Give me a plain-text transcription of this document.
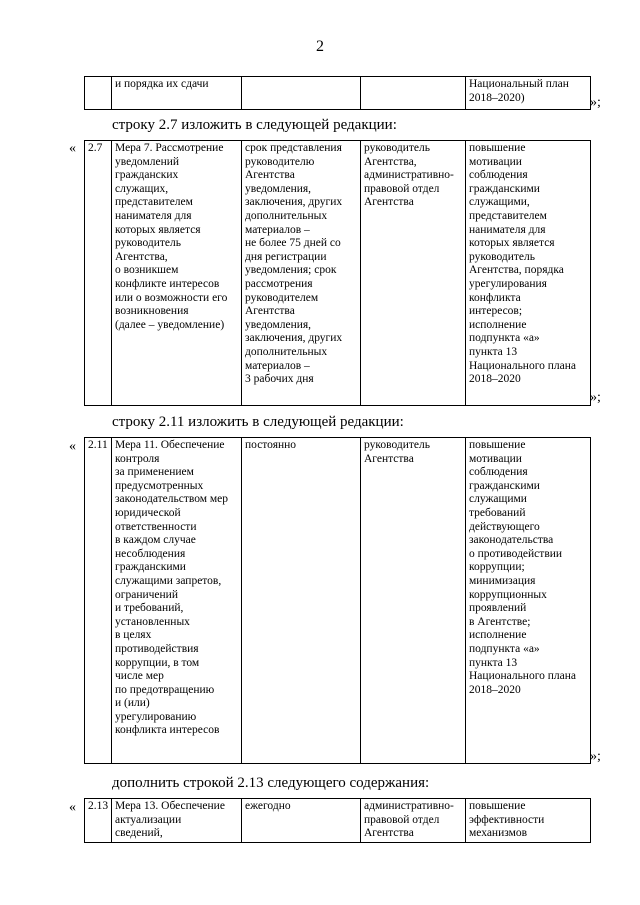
2
	и порядка их сдачи			Национальный план
2018–2020)	»;
строку 2.7 изложить в следующей редакции:
« 2.7	Мера 7. Рассмотрение
уведомлений
гражданских
служащих,
представителем
нанимателя для
которых является
руководитель
Агентства,
о возникшем
конфликте интересов
или о возможности его
возникновения
(далее – уведомление)	срок представления
руководителю
Агентства
уведомления,
заключения, других
дополнительных
материалов –
не более 75 дней со
дня регистрации
уведомления; срок
рассмотрения
руководителем
Агентства
уведомления,
заключения, других
дополнительных
материалов –
3 рабочих дня	руководитель
Агентства,
административно-
правовой отдел
Агентства	повышение
мотивации
соблюдения
гражданскими
служащими,
представителем
нанимателя для
которых является
руководитель
Агентства, порядка
урегулирования
конфликта
интересов;
исполнение
подпункта «а»
пункта 13
Национального плана
2018–2020
»;
строку 2.11 изложить в следующей редакции:
« 2.11	Мера 11. Обеспечение
контроля
за применением
предусмотренных
законодательством мер
юридической
ответственности
в каждом случае
несоблюдения
гражданскими
служащими запретов,
ограничений
и требований,
установленных
в целях
противодействия
коррупции, в том
числе мер
по предотвращению
и (или)
урегулированию
конфликта интересов	постоянно	руководитель
Агентства	повышение
мотивации
соблюдения
гражданскими
служащими
требований
действующего
законодательства
о противодействии
коррупции;
минимизация
коррупционных
проявлений
в Агентстве;
исполнение
подпункта «а»
пункта 13
Национального плана
2018–2020
»;
дополнить строкой 2.13 следующего содержания:
« 2.13	Мера 13. Обеспечение
актуализации
сведений,	ежегодно	административно-
правовой отдел
Агентства	повышение
эффективности
механизмов
